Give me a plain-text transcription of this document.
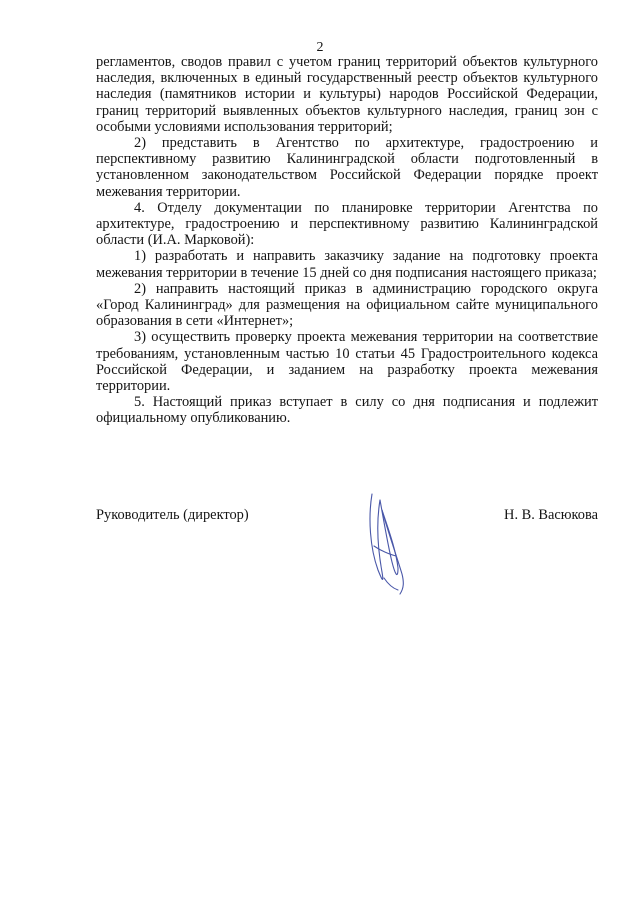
2

регламентов, сводов правил с учетом границ территорий объектов культурного наследия, включенных в единый государственный реестр объектов культурного наследия (памятников истории и культуры) народов Российской Федерации, границ территорий выявленных объектов культурного наследия, границ зон с особыми условиями использования территорий;

2) представить в Агентство по архитектуре, градостроению и перспективному развитию Калининградской области подготовленный в установленном законодательством Российской Федерации порядке проект межевания территории.

4. Отделу документации по планировке территории Агентства по архитектуре, градостроению и перспективному развитию Калининградской области (И.А. Марковой):

1) разработать и направить заказчику задание на подготовку проекта межевания территории в течение 15 дней со дня подписания настоящего приказа;

2) направить настоящий приказ в администрацию городского округа «Город Калининград» для размещения на официальном сайте муниципального образования в сети «Интернет»;

3) осуществить проверку проекта межевания территории на соответствие требованиям, установленным частью 10 статьи 45 Градостроительного кодекса Российской Федерации, и заданием на разработку проекта межевания территории.

5. Настоящий приказ вступает в силу со дня подписания и подлежит официальному опубликованию.

Руководитель (директор)	Н. В. Васюкова
